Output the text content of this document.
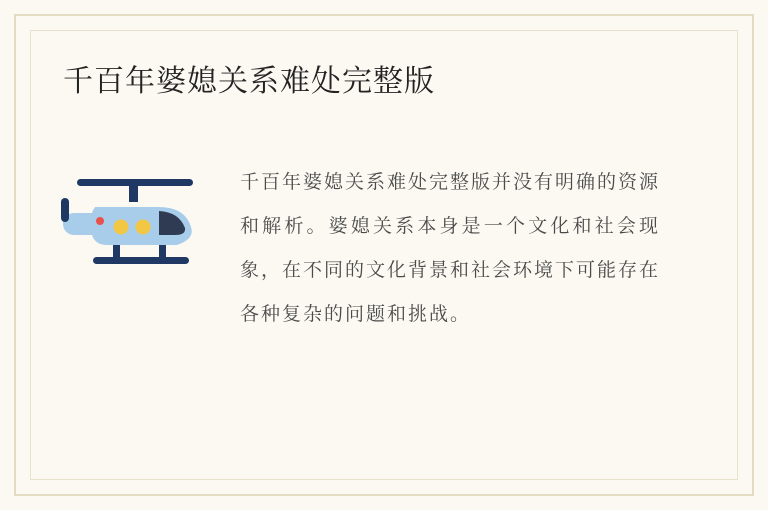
千百年婆媳关系难处完整版
千百年婆媳关系难处完整版并没有明确的资源和解析。婆媳关系本身是一个文化和社会现象，在不同的文化背景和社会环境下可能存在各种复杂的问题和挑战。
